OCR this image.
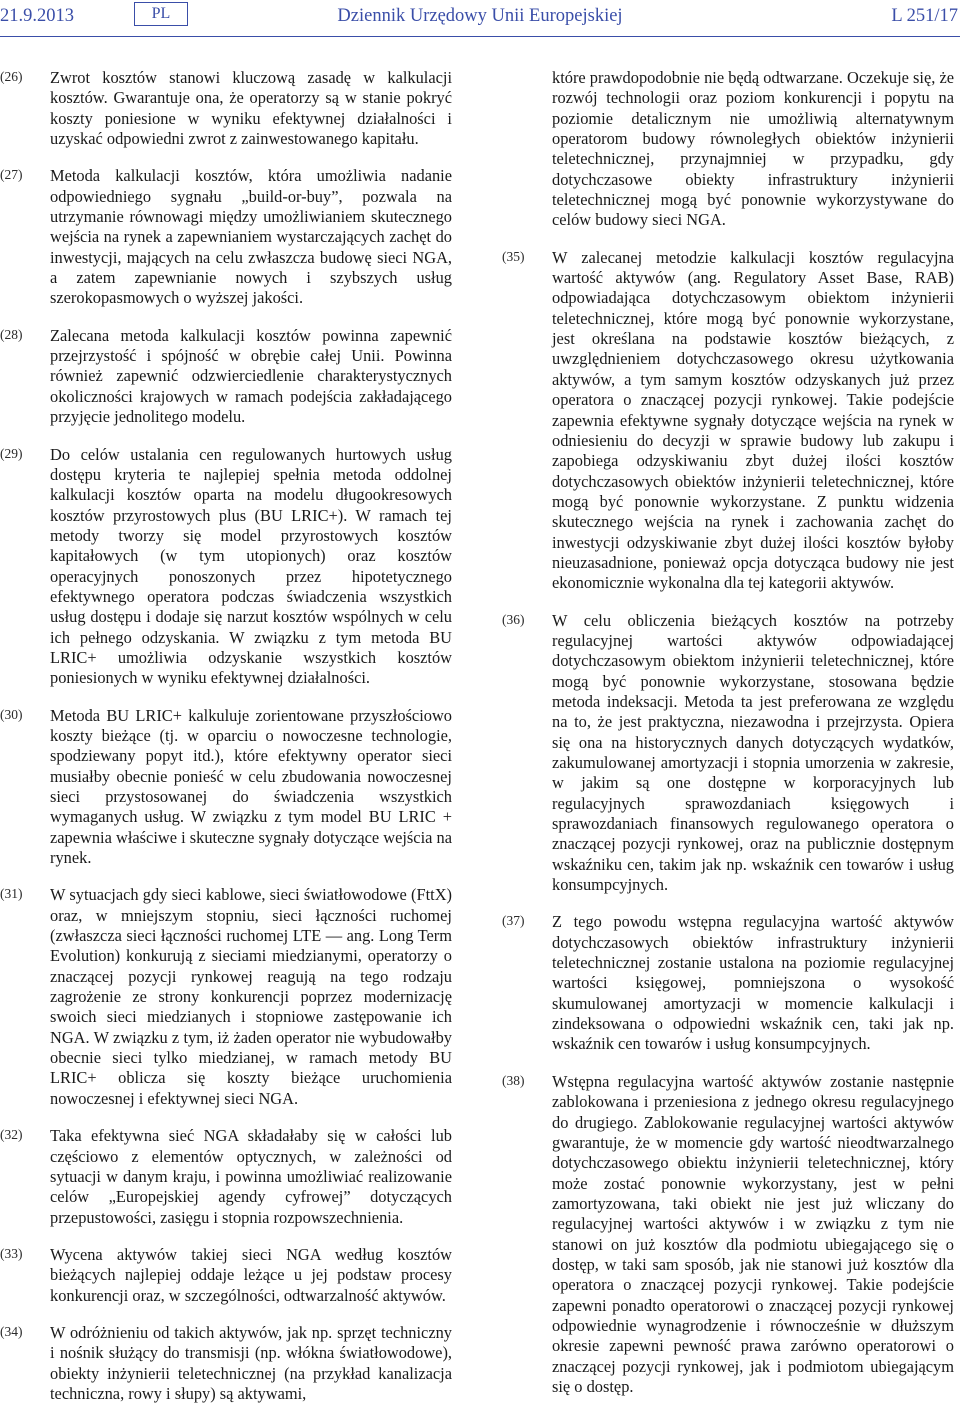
21.9.2013	PL	Dziennik Urzędowy Unii Europejskiej	L 251/17
(26) Zwrot kosztów stanowi kluczową zasadę w kalkulacji kosztów. Gwarantuje ona, że operatorzy są w stanie pokryć koszty poniesione w wyniku efektywnej działalności i uzyskać odpowiedni zwrot z zainwestowanego kapitału.
(27) Metoda kalkulacji kosztów, która umożliwia nadanie odpowiedniego sygnału „build-or-buy”, pozwala na utrzymanie równowagi między umożliwianiem skutecznego wejścia na rynek a zapewnianiem wystarczających zachęt do inwestycji, mających na celu zwłaszcza budowę sieci NGA, a zatem zapewnianie nowych i szybszych usług szerokopasmowych o wyższej jakości.
(28) Zalecana metoda kalkulacji kosztów powinna zapewnić przejrzystość i spójność w obrębie całej Unii. Powinna również zapewnić odzwierciedlenie charakterystycznych okoliczności krajowych w ramach podejścia zakładającego przyjęcie jednolitego modelu.
(29) Do celów ustalania cen regulowanych hurtowych usług dostępu kryteria te najlepiej spełnia metoda oddolnej kalkulacji kosztów oparta na modelu długookresowych kosztów przyrostowych plus (BU LRIC+). W ramach tej metody tworzy się model przyrostowych kosztów kapitałowych (w tym utopionych) oraz kosztów operacyjnych ponoszonych przez hipotetycznego efektywnego operatora podczas świadczenia wszystkich usług dostępu i dodaje się narzut kosztów wspólnych w celu ich pełnego odzyskania. W związku z tym metoda BU LRIC+ umożliwia odzyskanie wszystkich kosztów poniesionych w wyniku efektywnej działalności.
(30) Metoda BU LRIC+ kalkuluje zorientowane przyszłościowo koszty bieżące (tj. w oparciu o nowoczesne technologie, spodziewany popyt itd.), które efektywny operator sieci musiałby obecnie ponieść w celu zbudowania nowoczesnej sieci przystosowanej do świadczenia wszystkich wymaganych usług. W związku z tym model BU LRIC + zapewnia właściwe i skuteczne sygnały dotyczące wejścia na rynek.
(31) W sytuacjach gdy sieci kablowe, sieci światłowodowe (FttX) oraz, w mniejszym stopniu, sieci łączności ruchomej (zwłaszcza sieci łączności ruchomej LTE — ang. Long Term Evolution) konkurują z sieciami miedzianymi, operatorzy o znaczącej pozycji rynkowej reagują na tego rodzaju zagrożenie ze strony konkurencji poprzez modernizację swoich sieci miedzianych i stopniowe zastępowanie ich NGA. W związku z tym, iż żaden operator nie wybudowałby obecnie sieci tylko miedzianej, w ramach metody BU LRIC+ oblicza się koszty bieżące uruchomienia nowoczesnej i efektywnej sieci NGA.
(32) Taka efektywna sieć NGA składałaby się w całości lub częściowo z elementów optycznych, w zależności od sytuacji w danym kraju, i powinna umożliwiać realizowanie celów „Europejskiej agendy cyfrowej” dotyczących przepustowości, zasięgu i stopnia rozpowszechnienia.
(33) Wycena aktywów takiej sieci NGA według kosztów bieżących najlepiej oddaje leżące u jej podstaw procesy konkurencji oraz, w szczególności, odtwarzalność aktywów.
(34) W odróżnieniu od takich aktywów, jak np. sprzęt techniczny i nośnik służący do transmisji (np. włókna światłowodowe), obiekty inżynierii teletechnicznej (na przykład kanalizacja techniczna, rowy i słupy) są aktywami,
które prawdopodobnie nie będą odtwarzane. Oczekuje się, że rozwój technologii oraz poziom konkurencji i popytu na poziomie detalicznym nie umożliwią alternatywnym operatorom budowy równoległych obiektów inżynierii teletechnicznej, przynajmniej w przypadku, gdy dotychczasowe obiekty infrastruktury inżynierii teletechnicznej mogą być ponownie wykorzystywane do celów budowy sieci NGA.
(35) W zalecanej metodzie kalkulacji kosztów regulacyjna wartość aktywów (ang. Regulatory Asset Base, RAB) odpowiadająca dotychczasowym obiektom inżynierii teletechnicznej, które mogą być ponownie wykorzystane, jest określana na podstawie kosztów bieżących, z uwzględnieniem dotychczasowego okresu użytkowania aktywów, a tym samym kosztów odzyskanych już przez operatora o znaczącej pozycji rynkowej. Takie podejście zapewnia efektywne sygnały dotyczące wejścia na rynek w odniesieniu do decyzji w sprawie budowy lub zakupu i zapobiega odzyskiwaniu zbyt dużej ilości kosztów dotychczasowych obiektów inżynierii teletechnicznej, które mogą być ponownie wykorzystane. Z punktu widzenia skutecznego wejścia na rynek i zachowania zachęt do inwestycji odzyskiwanie zbyt dużej ilości kosztów byłoby nieuzasadnione, ponieważ opcja dotycząca budowy nie jest ekonomicznie wykonalna dla tej kategorii aktywów.
(36) W celu obliczenia bieżących kosztów na potrzeby regulacyjnej wartości aktywów odpowiadającej dotychczasowym obiektom inżynierii teletechnicznej, które mogą być ponownie wykorzystane, stosowana będzie metoda indeksacji. Metoda ta jest preferowana ze względu na to, że jest praktyczna, niezawodna i przejrzysta. Opiera się ona na historycznych danych dotyczących wydatków, zakumulowanej amortyzacji i stopnia umorzenia w zakresie, w jakim są one dostępne w korporacyjnych lub regulacyjnych sprawozdaniach księgowych i sprawozdaniach finansowych regulowanego operatora o znaczącej pozycji rynkowej, oraz na publicznie dostępnym wskaźniku cen, takim jak np. wskaźnik cen towarów i usług konsumpcyjnych.
(37) Z tego powodu wstępna regulacyjna wartość aktywów dotychczasowych obiektów infrastruktury inżynierii teletechnicznej zostanie ustalona na poziomie regulacyjnej wartości księgowej, pomniejszona o wysokość skumulowanej amortyzacji w momencie kalkulacji i zindeksowana o odpowiedni wskaźnik cen, taki jak np. wskaźnik cen towarów i usług konsumpcyjnych.
(38) Wstępna regulacyjna wartość aktywów zostanie następnie zablokowana i przeniesiona z jednego okresu regulacyjnego do drugiego. Zablokowanie regulacyjnej wartości aktywów gwarantuje, że w momencie gdy wartość nieodtwarzalnego dotychczasowego obiektu inżynierii teletechnicznej, który może zostać ponownie wykorzystany, jest w pełni zamortyzowana, taki obiekt nie jest już wliczany do regulacyjnej wartości aktywów i w związku z tym nie stanowi on już kosztów dla podmiotu ubiegającego się o dostęp, w taki sam sposób, jak nie stanowi już kosztów dla operatora o znaczącej pozycji rynkowej. Takie podejście zapewni ponadto operatorowi o znaczącej pozycji rynkowej odpowiednie wynagrodzenie i równocześnie w dłuższym okresie zapewni pewność prawa zarówno operatorowi o znaczącej pozycji rynkowej, jak i podmiotom ubiegającym się o dostęp.
